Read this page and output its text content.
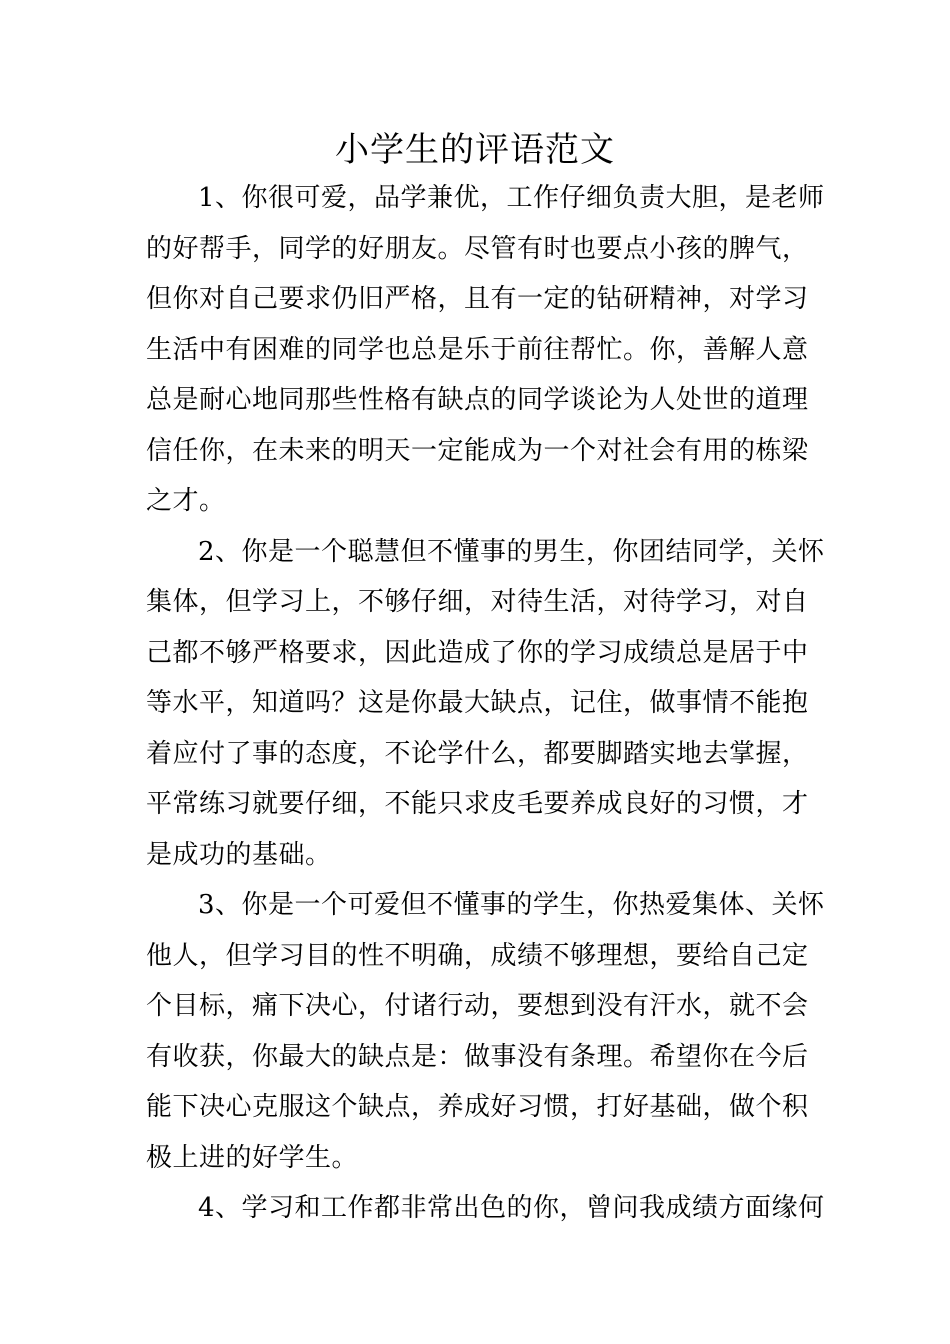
小学生的评语范文
1、你很可爱，品学兼优，工作仔细负责大胆，是老师
的好帮手，同学的好朋友。尽管有时也要点小孩的脾气，
但你对自己要求仍旧严格，且有一定的钻研精神，对学习
生活中有困难的同学也总是乐于前往帮忙。你，善解人意
总是耐心地同那些性格有缺点的同学谈论为人处世的道理
信任你，在未来的明天一定能成为一个对社会有用的栋梁
之才。
2、你是一个聪慧但不懂事的男生，你团结同学，关怀
集体，但学习上，不够仔细，对待生活，对待学习，对自
己都不够严格要求，因此造成了你的学习成绩总是居于中
等水平，知道吗？这是你最大缺点，记住，做事情不能抱
着应付了事的态度，不论学什么，都要脚踏实地去掌握，
平常练习就要仔细，不能只求皮毛要养成良好的习惯，才
是成功的基础。
3、你是一个可爱但不懂事的学生，你热爱集体、关怀
他人，但学习目的性不明确，成绩不够理想，要给自己定
个目标，痛下决心，付诸行动，要想到没有汗水，就不会
有收获，你最大的缺点是：做事没有条理。希望你在今后
能下决心克服这个缺点，养成好习惯，打好基础，做个积
极上进的好学生。
4、学习和工作都非常出色的你，曾问我成绩方面缘何
